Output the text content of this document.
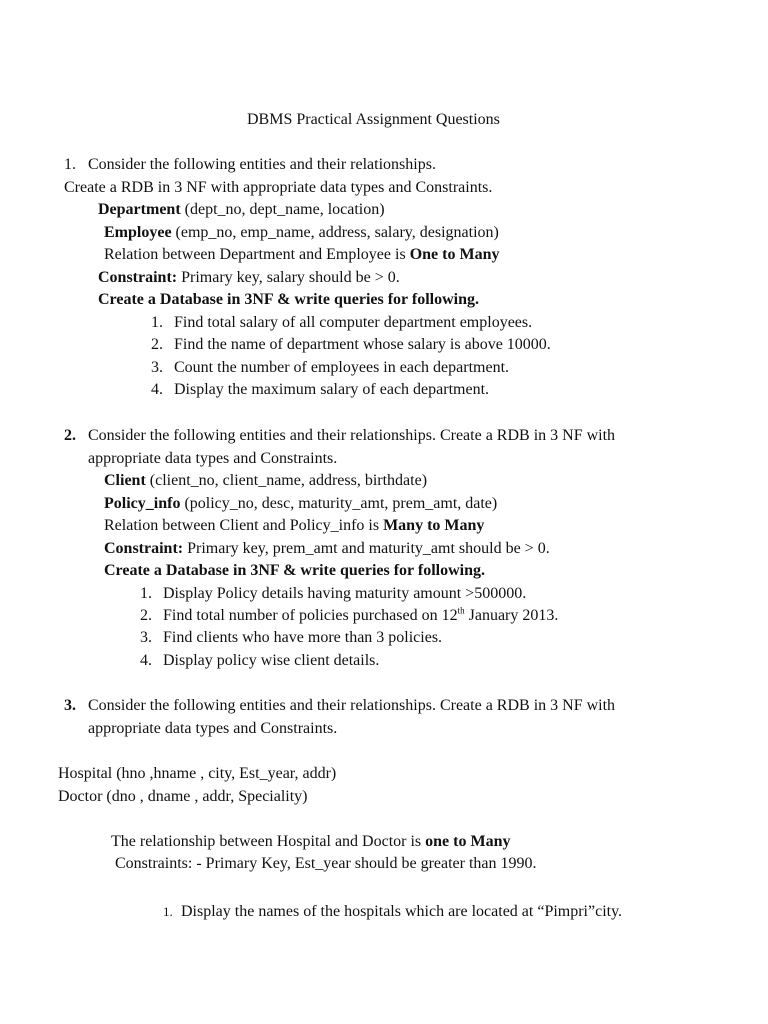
DBMS Practical Assignment Questions
1. Consider the following entities and their relationships.
Create a RDB in 3 NF with appropriate data types and Constraints.
Department (dept_no, dept_name, location)
Employee (emp_no, emp_name, address, salary, designation)
Relation between Department and Employee is One to Many
Constraint: Primary key, salary should be > 0.
Create a Database in 3NF & write queries for following.
1. Find total salary of all computer department employees.
2. Find the name of department whose salary is above 10000.
3. Count the number of employees in each department.
4. Display the maximum salary of each department.
2. Consider the following entities and their relationships. Create a RDB in 3 NF with
appropriate data types and Constraints.
Client (client_no, client_name, address, birthdate)
Policy_info (policy_no, desc, maturity_amt, prem_amt, date)
Relation between Client and Policy_info is Many to Many
Constraint: Primary key, prem_amt and maturity_amt should be > 0.
Create a Database in 3NF & write queries for following.
1. Display Policy details having maturity amount >500000.
2. Find total number of policies purchased on 12th January 2013.
3. Find clients who have more than 3 policies.
4. Display policy wise client details.
3. Consider the following entities and their relationships. Create a RDB in 3 NF with
appropriate data types and Constraints.
Hospital (hno ,hname , city, Est_year, addr)
Doctor (dno , dname , addr, Speciality)
The relationship between Hospital and Doctor is one to Many
Constraints: - Primary Key, Est_year should be greater than 1990.
1. Display the names of the hospitals which are located at “Pimpri”city.
